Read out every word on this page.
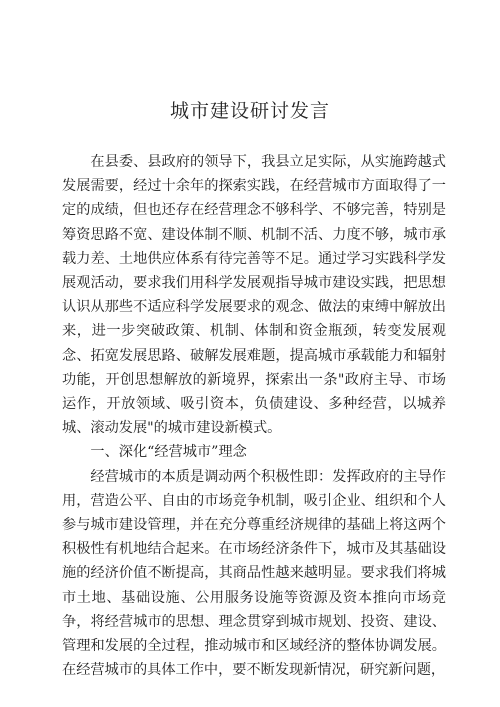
城市建设研讨发言

在县委、县政府的领导下，我县立足实际，从实施跨越式发展需要，经过十余年的探索实践，在经营城市方面取得了一定的成绩，但也还存在经营理念不够科学、不够完善，特别是筹资思路不宽、建设体制不顺、机制不活、力度不够，城市承载力差、土地供应体系有待完善等不足。通过学习实践科学发展观活动，要求我们用科学发展观指导城市建设实践，把思想认识从那些不适应科学发展要求的观念、做法的束缚中解放出来，进一步突破政策、机制、体制和资金瓶颈，转变发展观念、拓宽发展思路、破解发展难题，提高城市承载能力和辐射功能，开创思想解放的新境界，探索出一条"政府主导、市场运作，开放领域、吸引资本，负债建设、多种经营，以城养城、滚动发展"的城市建设新模式。

一、深化“经营城市”理念

经营城市的本质是调动两个积极性即：发挥政府的主导作用，营造公平、自由的市场竞争机制，吸引企业、组织和个人参与城市建设管理，并在充分尊重经济规律的基础上将这两个积极性有机地结合起来。在市场经济条件下，城市及其基础设施的经济价值不断提高，其商品性越来越明显。要求我们将城市土地、基础设施、公用服务设施等资源及资本推向市场竞争，将经营城市的思想、理念贯穿到城市规划、投资、建设、管理和发展的全过程，推动城市和区域经济的整体协调发展。在经营城市的具体工作中，要不断发现新情况，研究新问题，
